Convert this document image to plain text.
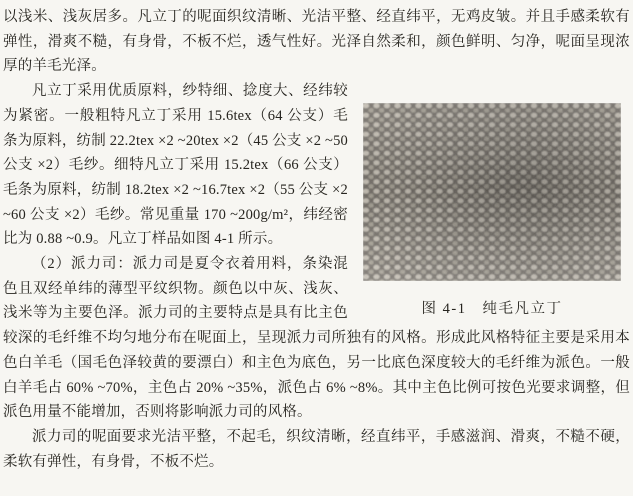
以浅米、浅灰居多。凡立丁的呢面织纹清晰、光洁平整、经直纬平，无鸡皮皱。并且手感柔软有弹性，滑爽不糙，有身骨，不板不烂，透气性好。光泽自然柔和，颜色鲜明、匀净，呢面呈现浓厚的羊毛光泽。

图 4-1　纯毛凡立丁

凡立丁采用优质原料，纱特细、捻度大、经纬较为紧密。一般粗特凡立丁采用 15.6tex（64 公支）毛条为原料，纺制 22.2tex ×2 ~20tex ×2（45 公支 ×2 ~50 公支 ×2）毛纱。细特凡立丁采用 15.2tex（66 公支）毛条为原料，纺制 18.2tex ×2 ~16.7tex ×2（55 公支 ×2 ~60 公支 ×2）毛纱。常见重量 170 ~200g/m²，纬经密比为 0.88 ~0.9。凡立丁样品如图 4-1 所示。

（2）派力司：派力司是夏令衣着用料，条染混色且双经单纬的薄型平纹织物。颜色以中灰、浅灰、浅米等为主要色泽。派力司的主要特点是具有比主色较深的毛纤维不均匀地分布在呢面上，呈现派力司所独有的风格。形成此风格特征主要是采用本色白羊毛（国毛色泽较黄的要漂白）和主色为底色，另一比底色深度较大的毛纤维为派色。一般白羊毛占 60% ~70%，主色占 20% ~35%，派色占 6% ~8%。其中主色比例可按色光要求调整，但派色用量不能增加，否则将影响派力司的风格。

派力司的呢面要求光洁平整，不起毛，织纹清晰，经直纬平，手感滋润、滑爽，不糙不硬，柔软有弹性，有身骨，不板不烂。
